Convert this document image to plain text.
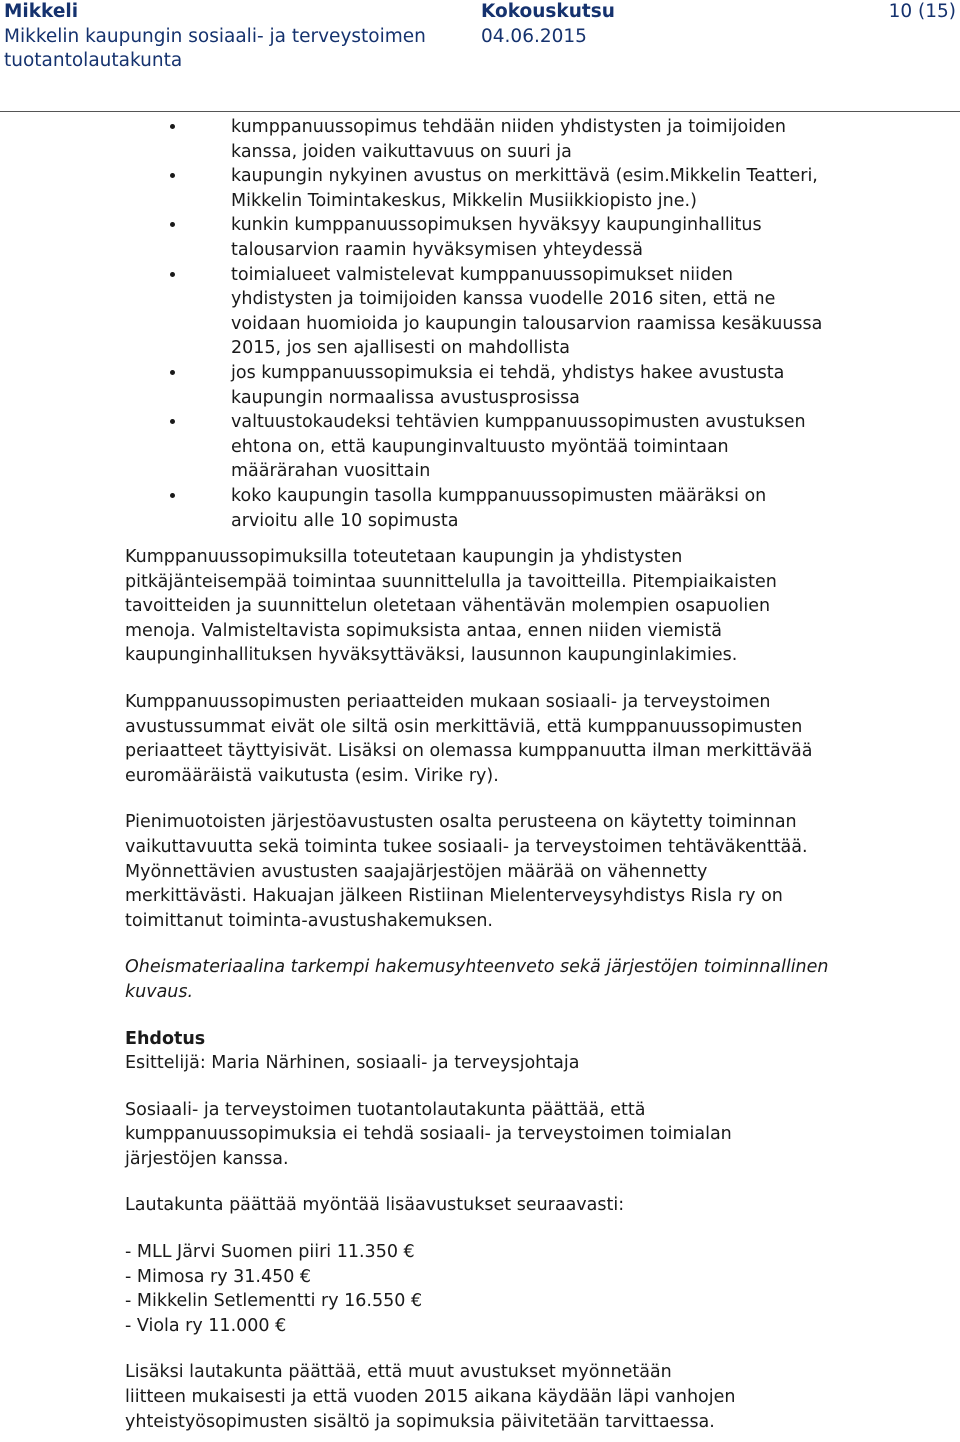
Mikkeli
Mikkelin kaupungin sosiaali- ja terveystoimen
tuotantolautakunta
Kokouskutsu
04.06.2015
10 (15)
kumppanuussopimus tehdään niiden yhdistysten ja toimijoiden
kanssa, joiden vaikuttavuus on suuri ja
kaupungin nykyinen avustus on merkittävä (esim.Mikkelin Teatteri,
Mikkelin Toimintakeskus, Mikkelin Musiikkiopisto jne.)
kunkin kumppanuussopimuksen hyväksyy kaupunginhallitus
talousarvion raamin hyväksymisen yhteydessä
toimialueet valmistelevat kumppanuussopimukset niiden
yhdistysten ja toimijoiden kanssa vuodelle 2016 siten, että ne
voidaan huomioida jo kaupungin talousarvion raamissa kesäkuussa
2015, jos sen ajallisesti on mahdollista
jos kumppanuussopimuksia ei tehdä, yhdistys hakee avustusta
kaupungin normaalissa avustusprosissa
valtuustokaudeksi tehtävien kumppanuussopimusten avustuksen
ehtona on, että kaupunginvaltuusto myöntää toimintaan
määrärahan vuosittain
koko kaupungin tasolla kumppanuussopimusten määräksi on
arvioitu alle 10 sopimusta

Kumppanuussopimuksilla toteutetaan kaupungin ja yhdistysten
pitkäjänteisempää toimintaa suunnittelulla ja tavoitteilla. Pitempiaikaisten
tavoitteiden ja suunnittelun oletetaan vähentävän molempien osapuolien
menoja. Valmisteltavista sopimuksista antaa, ennen niiden viemistä
kaupunginhallituksen hyväksyttäväksi, lausunnon kaupunginlakimies.

Kumppanuussopimusten periaatteiden mukaan sosiaali- ja terveystoimen
avustussummat eivät ole siltä osin merkittäviä, että kumppanuussopimusten
periaatteet täyttyisivät. Lisäksi on olemassa kumppanuutta ilman merkittävää
euromääräistä vaikutusta (esim. Virike ry).

Pienimuotoisten järjestöavustusten osalta perusteena on käytetty toiminnan
vaikuttavuutta sekä toiminta tukee sosiaali- ja terveystoimen tehtäväkenttää.
Myönnettävien avustusten saajajärjestöjen määrää on vähennetty
merkittävästi. Hakuajan jälkeen Ristiinan Mielenterveysyhdistys Risla ry on
toimittanut toiminta-avustushakemuksen.

Oheismateriaalina tarkempi hakemusyhteenveto sekä järjestöjen toiminnallinen
kuvaus.

Ehdotus

Esittelijä: Maria Närhinen, sosiaali- ja terveysjohtaja

Sosiaali- ja terveystoimen tuotantolautakunta päättää, että
kumppanuussopimuksia ei tehdä sosiaali- ja terveystoimen toimialan
järjestöjen kanssa.

Lautakunta päättää myöntää lisäavustukset seuraavasti:

- MLL Järvi Suomen piiri 11.350 €
- Mimosa ry 31.450 €
- Mikkelin Setlementti ry 16.550 €
- Viola ry 11.000 €

Lisäksi lautakunta päättää, että muut avustukset myönnetään
liitteen mukaisesti ja että vuoden 2015 aikana käydään läpi vanhojen
yhteistyösopimusten sisältö ja sopimuksia päivitetään tarvittaessa.
